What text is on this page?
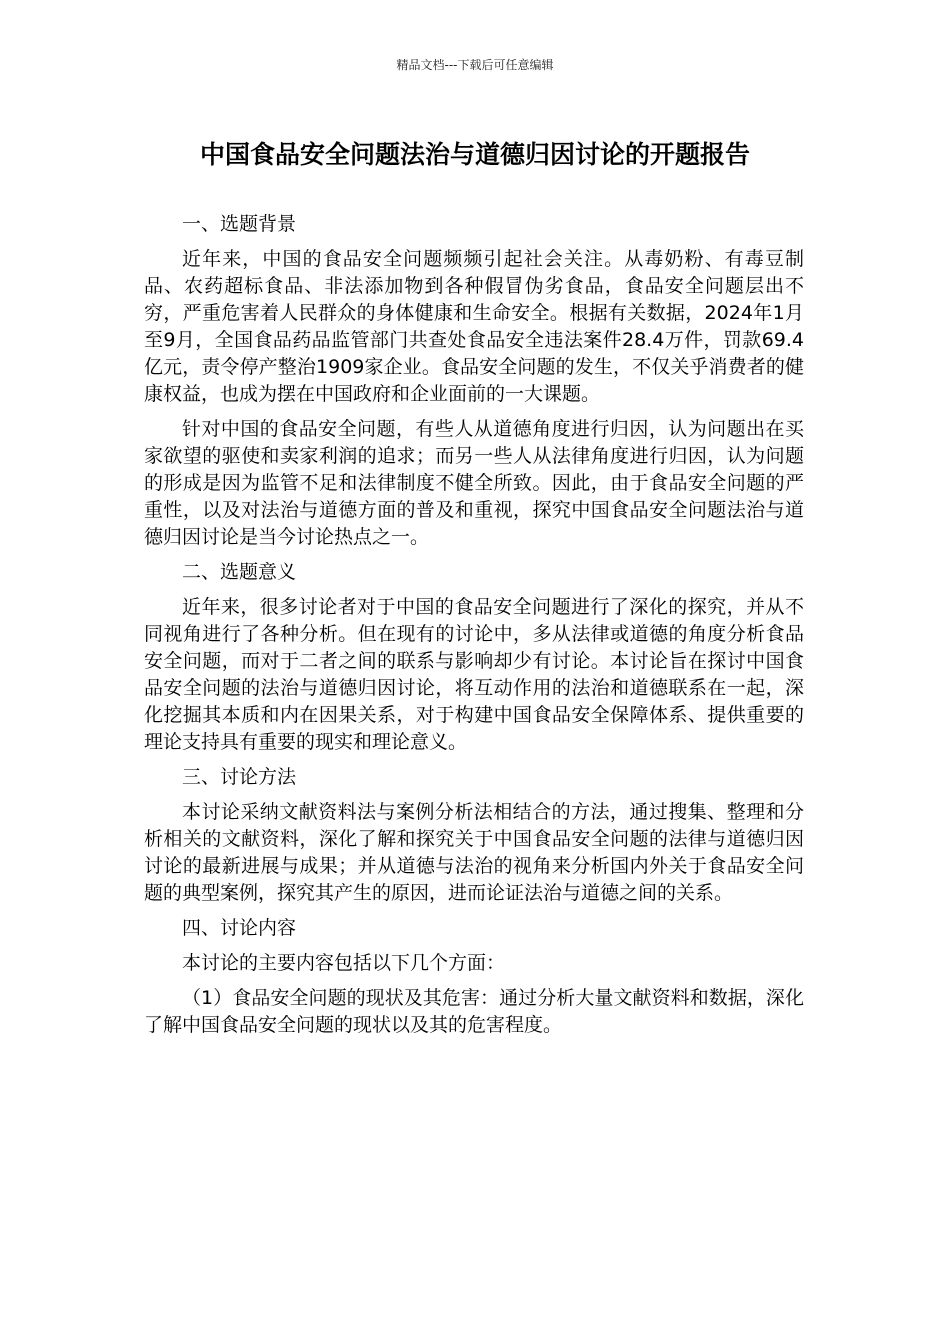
精品文档---下载后可任意编辑
中国食品安全问题法治与道德归因讨论的开题报告

一、选题背景

近年来，中国的食品安全问题频频引起社会关注。从毒奶粉、有毒豆制品、农药超标食品、非法添加物到各种假冒伪劣食品，食品安全问题层出不穷，严重危害着人民群众的身体健康和生命安全。根据有关数据，2024年1月至9月，全国食品药品监管部门共查处食品安全违法案件28.4万件，罚款69.4亿元，责令停产整治1909家企业。食品安全问题的发生，不仅关乎消费者的健康权益，也成为摆在中国政府和企业面前的一大课题。

针对中国的食品安全问题，有些人从道德角度进行归因，认为问题出在买家欲望的驱使和卖家利润的追求；而另一些人从法律角度进行归因，认为问题的形成是因为监管不足和法律制度不健全所致。因此，由于食品安全问题的严重性，以及对法治与道德方面的普及和重视，探究中国食品安全问题法治与道德归因讨论是当今讨论热点之一。

二、选题意义

近年来，很多讨论者对于中国的食品安全问题进行了深化的探究，并从不同视角进行了各种分析。但在现有的讨论中，多从法律或道德的角度分析食品安全问题，而对于二者之间的联系与影响却少有讨论。本讨论旨在探讨中国食品安全问题的法治与道德归因讨论，将互动作用的法治和道德联系在一起，深化挖掘其本质和内在因果关系，对于构建中国食品安全保障体系、提供重要的理论支持具有重要的现实和理论意义。

三、讨论方法

本讨论采纳文献资料法与案例分析法相结合的方法，通过搜集、整理和分析相关的文献资料，深化了解和探究关于中国食品安全问题的法律与道德归因讨论的最新进展与成果；并从道德与法治的视角来分析国内外关于食品安全问题的典型案例，探究其产生的原因，进而论证法治与道德之间的关系。

四、讨论内容

本讨论的主要内容包括以下几个方面：

（1）食品安全问题的现状及其危害：通过分析大量文献资料和数据，深化了解中国食品安全问题的现状以及其的危害程度。
